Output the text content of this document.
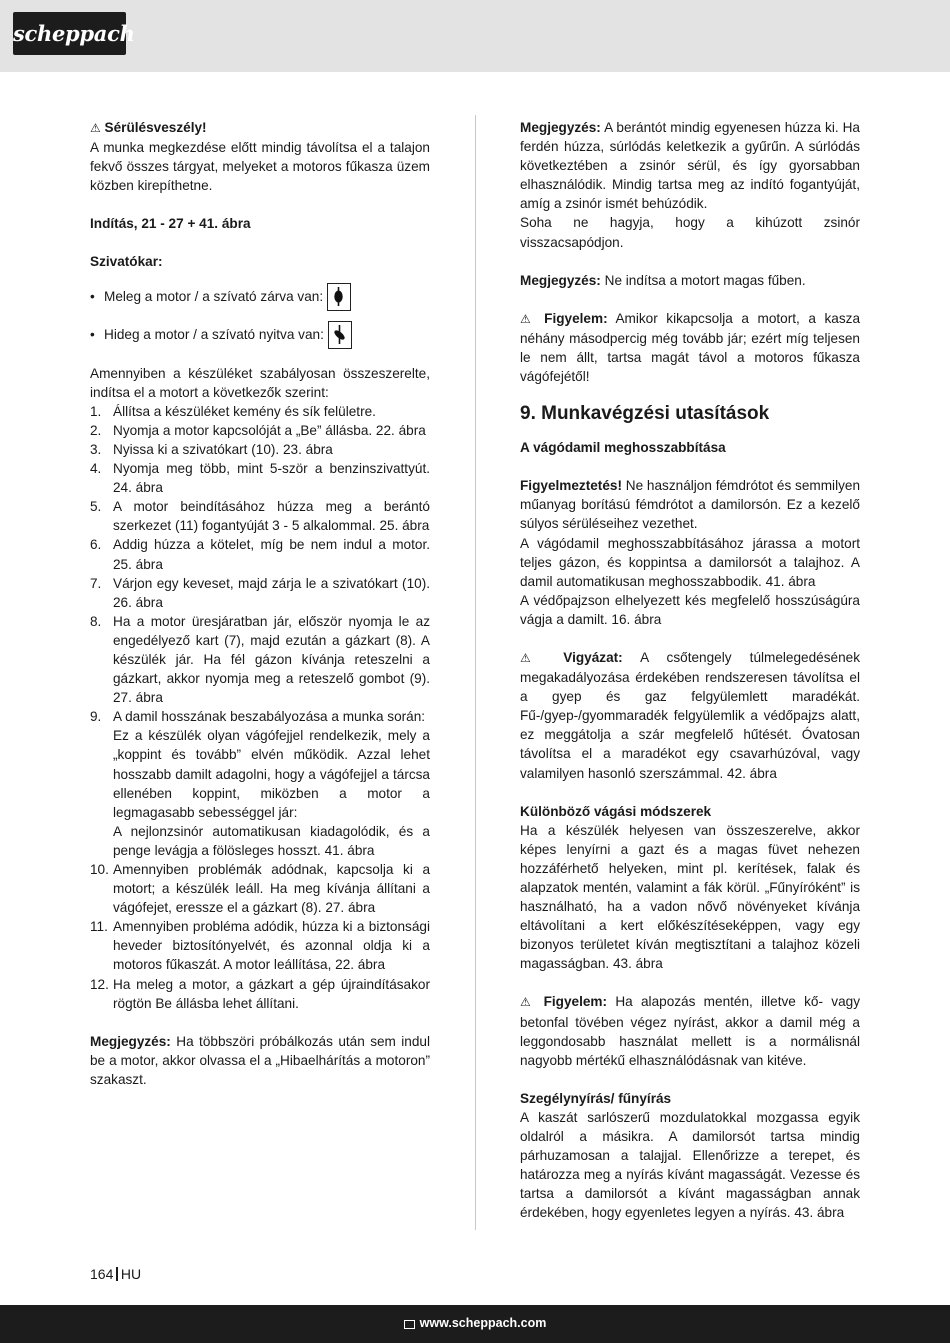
scheppach

⚠ Sérülésveszély!

A munka megkezdése előtt mindig távolítsa el a talajon fekvő összes tárgyat, melyeket a motoros fűkasza üzem közben kirepíthetne.

Indítás, 21 - 27 + 41. ábra

Szivatókar:

• Meleg a motor / a szívató zárva van:
• Hideg a motor / a szívató nyitva van:

Amennyiben a készüléket szabályosan összeszerelte, indítsa el a motort a következők szerint:

1. Állítsa a készüléket kemény és sík felületre.
2. Nyomja a motor kapcsolóját a „Be” állásba. 22. ábra
3. Nyissa ki a szivatókart (10). 23. ábra
4. Nyomja meg több, mint 5-ször a benzinszivattyút. 24. ábra
5. A motor beindításához húzza meg a berántó szerkezet (11) fogantyúját 3 - 5 alkalommal. 25. ábra
6. Addig húzza a kötelet, míg be nem indul a motor. 25. ábra
7. Várjon egy keveset, majd zárja le a szivatókart (10). 26. ábra
8. Ha a motor üresjáratban jár, először nyomja le az engedélyező kart (7), majd ezután a gázkart (8). A készülék jár. Ha fél gázon kívánja reteszelni a gázkart, akkor nyomja meg a reteszelő gombot (9). 27. ábra
9. A damil hosszának beszabályozása a munka során:
Ez a készülék olyan vágófejjel rendelkezik, mely a „koppint és tovább” elvén működik. Azzal lehet hosszabb damilt adagolni, hogy a vágófejjel a tárcsa ellenében koppint, miközben a motor a legmagasabb sebességgel jár:
A nejlonzsinór automatikusan kiadagolódik, és a penge levágja a fölösleges hosszt. 41. ábra
10. Amennyiben problémák adódnak, kapcsolja ki a motort; a készülék leáll. Ha meg kívánja állítani a vágófejet, eressze el a gázkart (8). 27. ábra
11. Amennyiben probléma adódik, húzza ki a biztonsági heveder biztosítónyelvét, és azonnal oldja ki a motoros fűkaszát. A motor leállítása, 22. ábra
12. Ha meleg a motor, a gázkart a gép újraindításakor rögtön Be állásba lehet állítani.

Megjegyzés: Ha többszöri próbálkozás után sem indul be a motor, akkor olvassa el a „Hibaelhárítás a motoron” szakaszt.

Megjegyzés: A berántót mindig egyenesen húzza ki. Ha ferdén húzza, súrlódás keletkezik a gyűrűn. A súrlódás következtében a zsinór sérül, és így gyorsabban elhasználódik. Mindig tartsa meg az indító fogantyúját, amíg a zsinór ismét behúzódik.

Soha ne hagyja, hogy a kihúzott zsinór visszacsapódjon.

Megjegyzés: Ne indítsa a motort magas fűben.

⚠ Figyelem: Amikor kikapcsolja a motort, a kasza néhány másodpercig még tovább jár; ezért míg teljesen le nem állt, tartsa magát távol a motoros fűkasza vágófejétől!

9. Munkavégzési utasítások

A vágódamil meghosszabbítása

Figyelmeztetés! Ne használjon fémdrótot és semmilyen műanyag borítású fémdrótot a damilorsón. Ez a kezelő súlyos sérüléseihez vezethet.

A vágódamil meghosszabbításához járassa a motort teljes gázon, és koppintsa a damilorsót a talajhoz. A damil automatikusan meghosszabbodik. 41. ábra

A védőpajzson elhelyezett kés megfelelő hosszúságúra vágja a damilt. 16. ábra

⚠ Vigyázat: A csőtengely túlmelegedésének megakadályozása érdekében rendszeresen távolítsa el a gyep és gaz felgyülemlett maradékát. Fű-/gyep-/gyommaradék felgyülemlik a védőpajzs alatt, ez meggátolja a szár megfelelő hűtését. Óvatosan távolítsa el a maradékot egy csavarhúzóval, vagy valamilyen hasonló szerszámmal. 42. ábra

Különböző vágási módszerek

Ha a készülék helyesen van összeszerelve, akkor képes lenyírni a gazt és a magas füvet nehezen hozzáférhető helyeken, mint pl. kerítések, falak és alapzatok mentén, valamint a fák körül. „Fűnyíróként” is használható, ha a vadon nővő növényeket kívánja eltávolítani a kert előkészítéseképpen, vagy egy bizonyos területet kíván megtisztítani a talajhoz közeli magasságban. 43. ábra

⚠ Figyelem: Ha alapozás mentén, illetve kő- vagy betonfal tövében végez nyírást, akkor a damil még a leggondosabb használat mellett is a normálisnál nagyobb mértékű elhasználódásnak van kitéve.

Szegélynyírás/ fűnyírás

A kaszát sarlószerű mozdulatokkal mozgassa egyik oldalról a másikra. A damilorsót tartsa mindig párhuzamosan a talajjal. Ellenőrizze a terepet, és határozza meg a nyírás kívánt magasságát. Vezesse és tartsa a damilorsót a kívánt magasságban annak érdekében, hogy egyenletes legyen a nyírás. 43. ábra

164 HU
www.scheppach.com
